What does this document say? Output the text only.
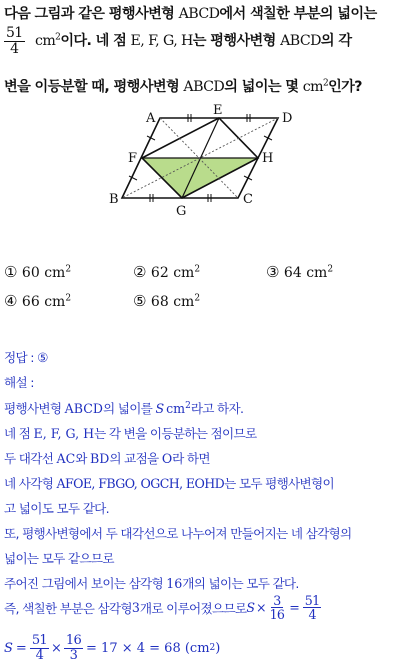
다음 그림과 같은 평행사변형 ABCD에서 색칠한 부분의 넓이는
$\frac{51}{4} cm^2$이다. 네 점 E, F, G, H는 평행사변형 ABCD의 각
변을 이등분할 때, 평행사변형 ABCD의 넓이는 몇 $cm^2$인가?
A
E
D
F	H
B
G
C
① 60 $cm^2$	② 62 $cm^2$	③ 64 $cm^2$
④ 66 $cm^2$	⑤ 68 $cm^2$
정답 : ⑤
해설 :
평행사변형 ABCD의 넓이를 S $cm^2$라고 하자.
네 점 E, F, G, H는 각 변을 이등분하는 점이므로
두 대각선 AC와 BD의 교점을 O라 하면
네 사각형 AFOE, FBGO, OGCH, EOHD는 모두 평행사변형이
고 넓이도 모두 같다.
또, 평행사변형에서 두 대각선으로 나누어져 만들어지는 네 삼각형의
넓이는 모두 같으므로
주어진 그림에서 보이는 삼각형 16개의 넓이는 모두 같다.
즉, 색칠한 부분은 삼각형 3 개로 이루어졌으므로 $S \times \frac{3}{16} = \frac{51}{4}$
$S = \frac{51}{4} \times \frac{16}{3} = 17 \times 4 = 68$ (cm 2 )
